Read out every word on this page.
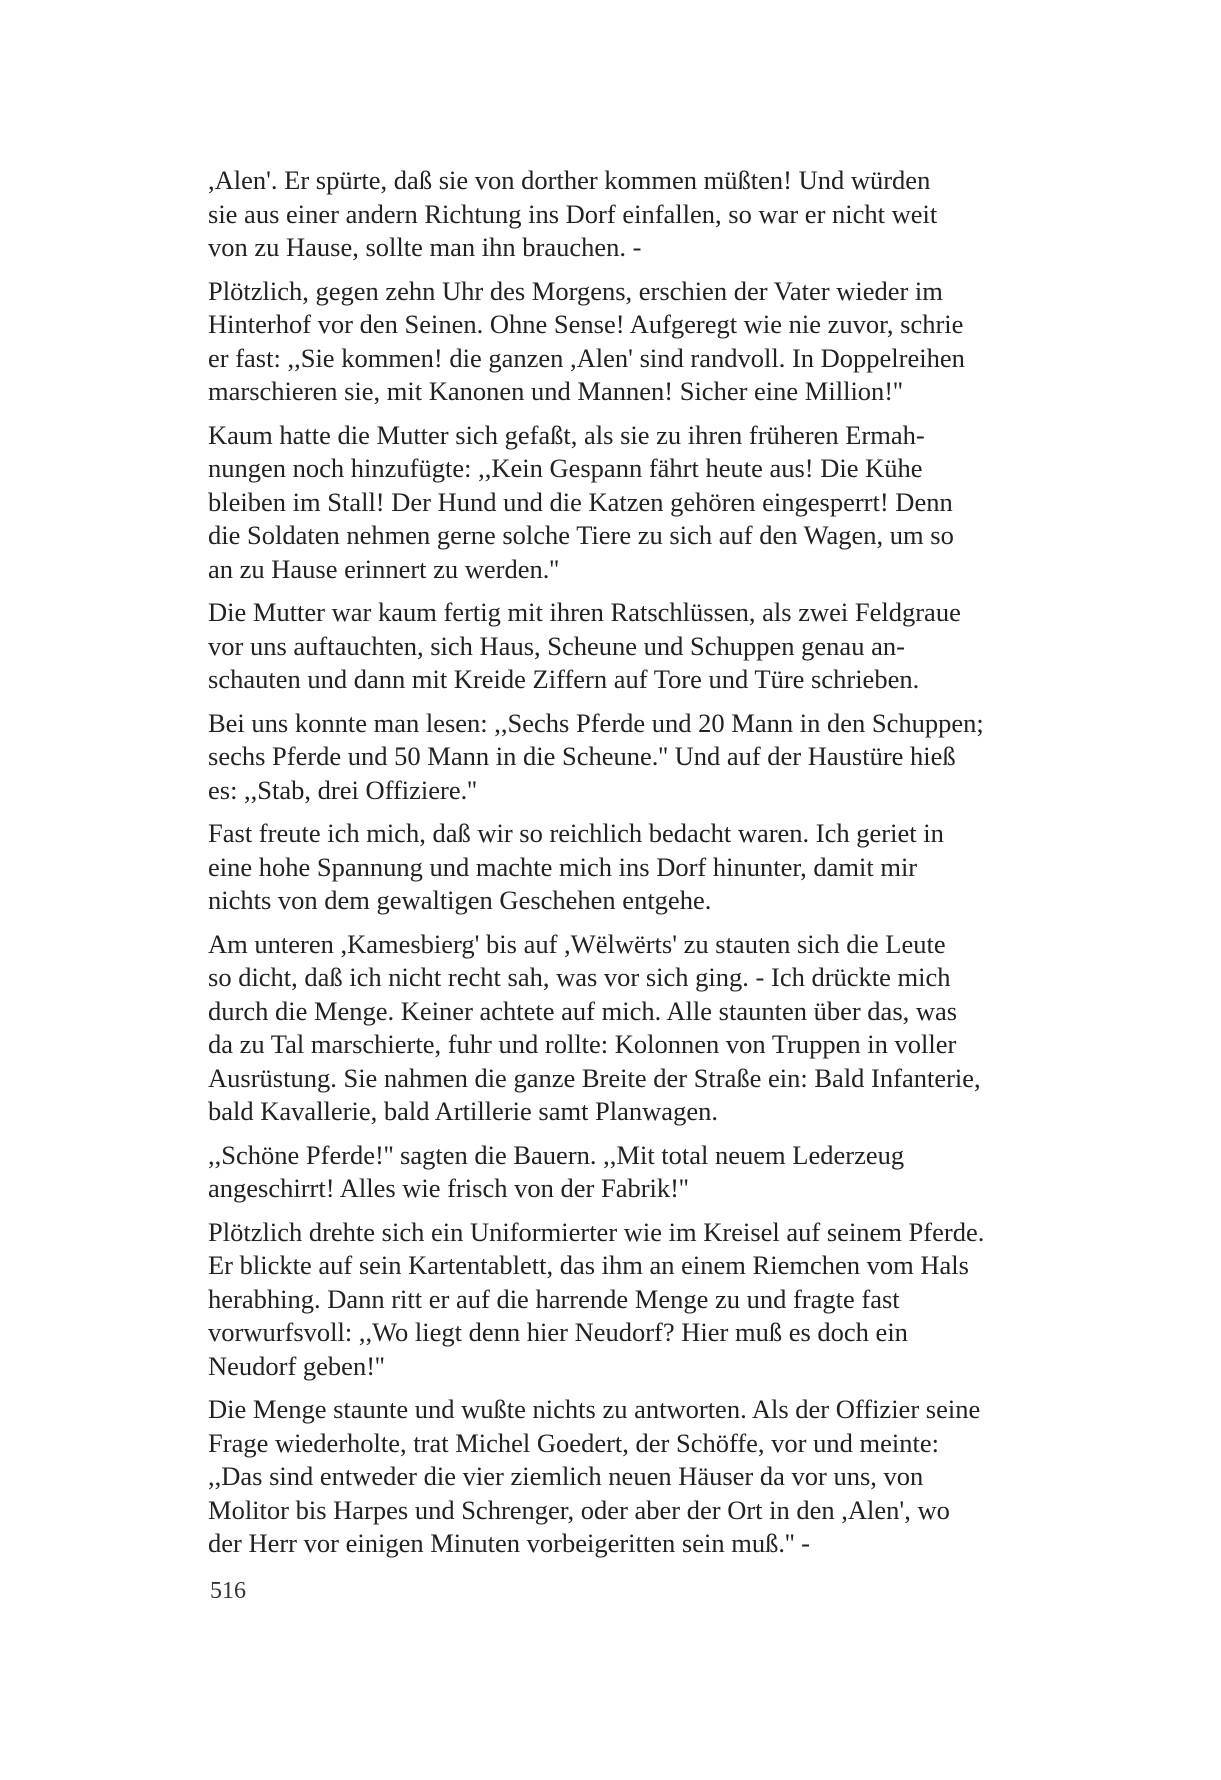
,Alen'. Er spürte, daß sie von dorther kommen müßten! Und würden
sie aus einer andern Richtung ins Dorf einfallen, so war er nicht weit
von zu Hause, sollte man ihn brauchen. -

Plötzlich, gegen zehn Uhr des Morgens, erschien der Vater wieder im
Hinterhof vor den Seinen. Ohne Sense! Aufgeregt wie nie zuvor, schrie
er fast: ,,Sie kommen! die ganzen ,Alen' sind randvoll. In Doppelreihen
marschieren sie, mit Kanonen und Mannen! Sicher eine Million!''

Kaum hatte die Mutter sich gefaßt, als sie zu ihren früheren Ermah-
nungen noch hinzufügte: ,,Kein Gespann fährt heute aus! Die Kühe
bleiben im Stall! Der Hund und die Katzen gehören eingesperrt! Denn
die Soldaten nehmen gerne solche Tiere zu sich auf den Wagen, um so
an zu Hause erinnert zu werden.''

Die Mutter war kaum fertig mit ihren Ratschlüssen, als zwei Feldgraue
vor uns auftauchten, sich Haus, Scheune und Schuppen genau an-
schauten und dann mit Kreide Ziffern auf Tore und Türe schrieben.

Bei uns konnte man lesen: ,,Sechs Pferde und 20 Mann in den Schuppen;
sechs Pferde und 50 Mann in die Scheune.'' Und auf der Haustüre hieß
es: ,,Stab, drei Offiziere.''

Fast freute ich mich, daß wir so reichlich bedacht waren. Ich geriet in
eine hohe Spannung und machte mich ins Dorf hinunter, damit mir
nichts von dem gewaltigen Geschehen entgehe.

Am unteren ,Kamesbierg' bis auf ,Wëlwërts' zu stauten sich die Leute
so dicht, daß ich nicht recht sah, was vor sich ging. - Ich drückte mich
durch die Menge. Keiner achtete auf mich. Alle staunten über das, was
da zu Tal marschierte, fuhr und rollte: Kolonnen von Truppen in voller
Ausrüstung. Sie nahmen die ganze Breite der Straße ein: Bald Infanterie,
bald Kavallerie, bald Artillerie samt Planwagen.

,,Schöne Pferde!'' sagten die Bauern. ,,Mit total neuem Lederzeug
angeschirrt! Alles wie frisch von der Fabrik!''

Plötzlich drehte sich ein Uniformierter wie im Kreisel auf seinem Pferde.
Er blickte auf sein Kartentablett, das ihm an einem Riemchen vom Hals
herabhing. Dann ritt er auf die harrende Menge zu und fragte fast
vorwurfsvoll: ,,Wo liegt denn hier Neudorf? Hier muß es doch ein
Neudorf geben!''

Die Menge staunte und wußte nichts zu antworten. Als der Offizier seine
Frage wiederholte, trat Michel Goedert, der Schöffe, vor und meinte:
,,Das sind entweder die vier ziemlich neuen Häuser da vor uns, von
Molitor bis Harpes und Schrenger, oder aber der Ort in den ,Alen', wo
der Herr vor einigen Minuten vorbeigeritten sein muß.'' -

516
